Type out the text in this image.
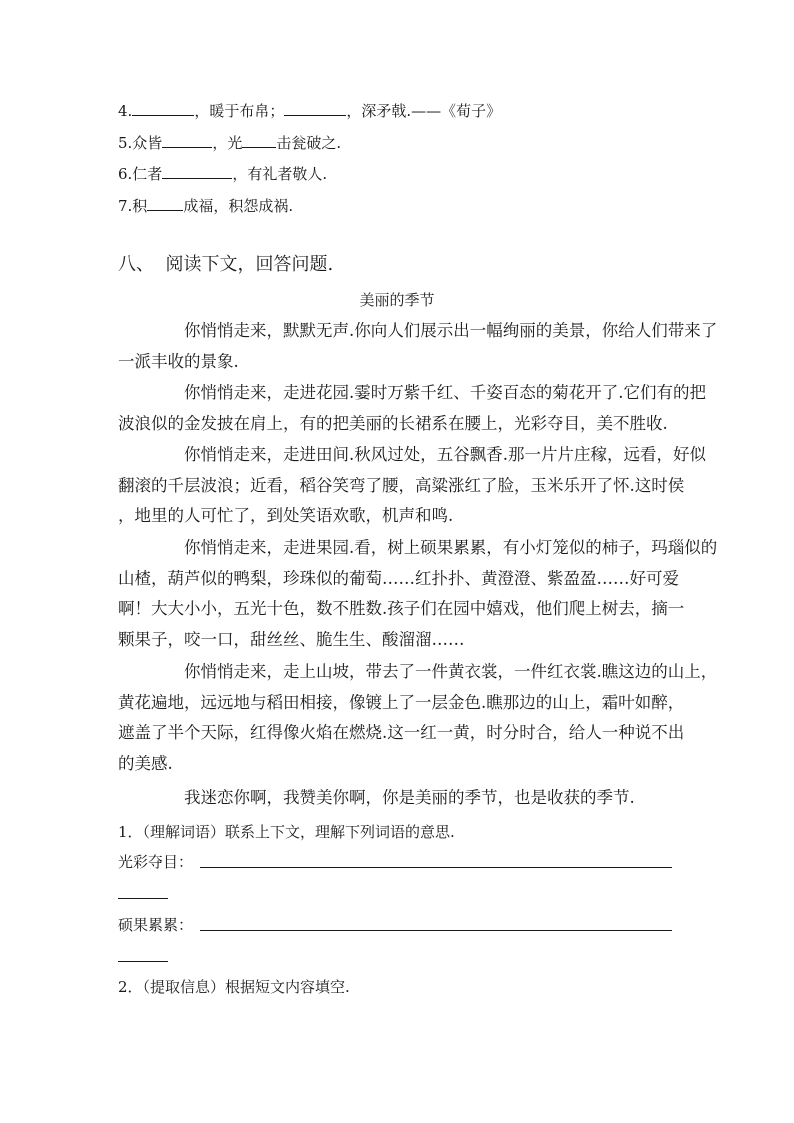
4.	，暖于布帛；	，深矛戟.——《荀子》
5.众皆	，光 击瓮破之.
6.仁者	，有礼者敬人.
7.积 成福，积怨成祸.
八、  阅读下文，回答问题.
美丽的季节
你悄悄走来，默默无声.你向人们展示出一幅绚丽的美景，你给人们带来了
一派丰收的景象.
你悄悄走来，走进花园.霎时万紫千红、千姿百态的菊花开了.它们有的把
波浪似的金发披在肩上，有的把美丽的长裙系在腰上，光彩夺目，美不胜收.
你悄悄走来，走进田间.秋风过处，五谷飘香.那一片片庄稼，远看，好似
翻滚的千层波浪；近看，稻谷笑弯了腰，高粱涨红了脸，玉米乐开了怀.这时侯
，地里的人可忙了，到处笑语欢歌，机声和鸣.
你悄悄走来，走进果园.看，树上硕果累累，有小灯笼似的柿子，玛瑙似的
山楂，葫芦似的鸭梨，珍珠似的葡萄……红扑扑、黄澄澄、紫盈盈……好可爱
啊！大大小小，五光十色，数不胜数.孩子们在园中嬉戏，他们爬上树去，摘一
颗果子，咬一口，甜丝丝、脆生生、酸溜溜……
你悄悄走来，走上山坡，带去了一件黄衣裳，一件红衣裳.瞧这边的山上，
黄花遍地，远远地与稻田相接，像镀上了一层金色.瞧那边的山上，霜叶如醉，
遮盖了半个天际，红得像火焰在燃烧.这一红一黄，时分时合，给人一种说不出
的美感.
我迷恋你啊，我赞美你啊，你是美丽的季节，也是收获的季节.
1．（理解词语）联系上下文，理解下列词语的意思.
光彩夺目：
硕果累累：
2．（提取信息）根据短文内容填空.
